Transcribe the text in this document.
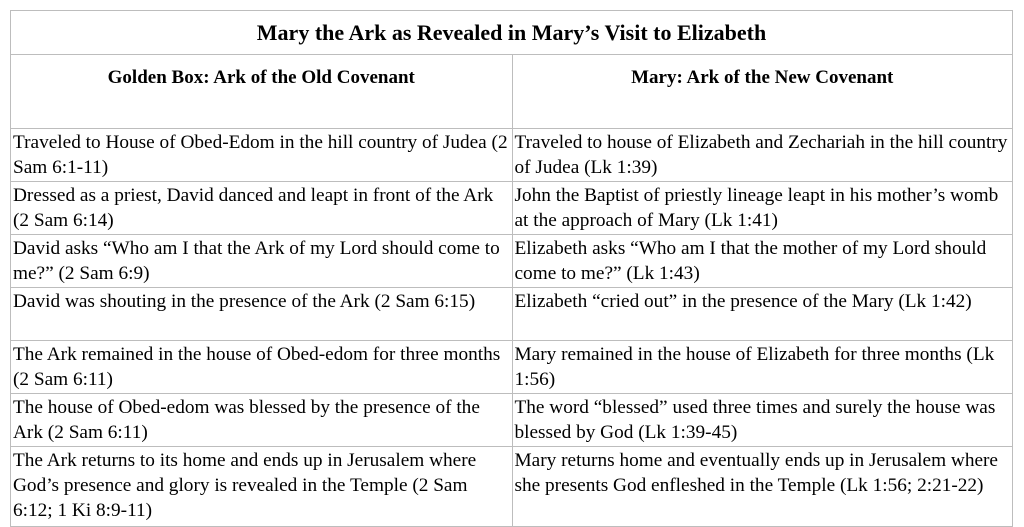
Mary the Ark as Revealed in Mary’s Visit to Elizabeth	
Golden Box: Ark of the Old Covenant	Mary: Ark of the New Covenant
Traveled to House of Obed-Edom in the hill country of Judea (2 Sam 6:1-11)	Traveled to house of Elizabeth and Zechariah in the hill country of Judea (Lk 1:39)
Dressed as a priest, David danced and leapt in front of the Ark (2 Sam 6:14)	John the Baptist of priestly lineage leapt in his mother’s womb at the approach of Mary (Lk 1:41)
David asks “Who am I that the Ark of my Lord should come to me?” (2 Sam 6:9)	Elizabeth asks “Who am I that the mother of my Lord should come to me?” (Lk 1:43)
David was shouting in the presence of the Ark (2 Sam 6:15)	Elizabeth “cried out” in the presence of the Mary (Lk 1:42)
The Ark remained in the house of Obed-edom for three months (2 Sam 6:11)	Mary remained in the house of Elizabeth for three months (Lk 1:56)
The house of Obed-edom was blessed by the presence of the Ark (2 Sam 6:11)	The word “blessed” used three times and surely the house was blessed by God (Lk 1:39-45)
The Ark returns to its home and ends up in Jerusalem where God’s presence and glory is revealed in the Temple (2 Sam 6:12; 1 Ki 8:9-11)	Mary returns home and eventually ends up in Jerusalem where she presents God enfleshed in the Temple (Lk 1:56; 2:21-22)
